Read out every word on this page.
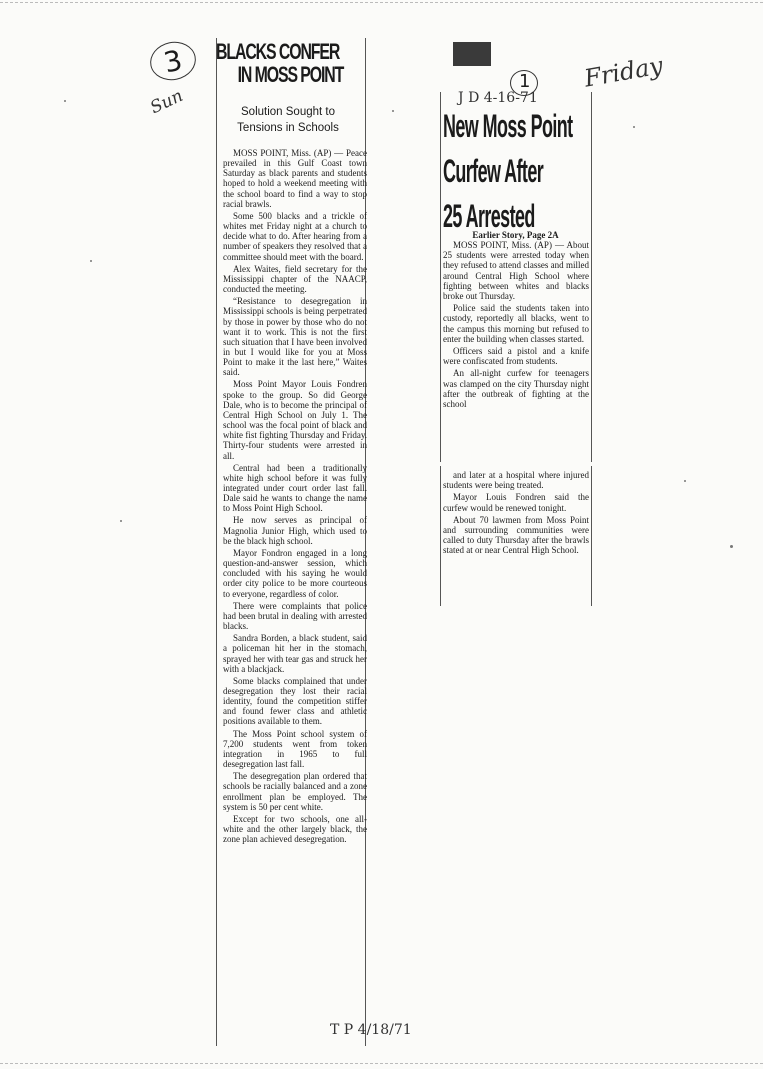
3
Sun
1 Friday
J D 4-16-71
BLACKS CONFER

IN MOSS POINT
Solution Sought to Tensions in Schools

MOSS POINT, Miss. (AP) — Peace prevailed in this Gulf Coast town Saturday as black parents and students hoped to hold a weekend meeting with the school board to find a way to stop racial brawls.

Some 500 blacks and a trickle of whites met Friday night at a church to decide what to do. After hearing from a number of speakers they resolved that a committee should meet with the board.

Alex Waites, field secretary for the Mississippi chapter of the NAACP, conducted the meeting.

“Resistance to desegregation in Mississippi schools is being perpetrated by those in power by those who do not want it to work. This is not the first such situation that I have been involved in but I would like for you at Moss Point to make it the last here,” Waites said.

Moss Point Mayor Louis Fondren spoke to the group. So did George Dale, who is to become the principal of Central High School on July 1. The school was the focal point of black and white fist fighting Thursday and Friday. Thirty-four students were arrested in all.

Central had been a traditionally white high school before it was fully integrated under court order last fall. Dale said he wants to change the name to Moss Point High School.

He now serves as principal of Magnolia Junior High, which used to be the black high school.

Mayor Fondron engaged in a long question-and-answer session, which concluded with his saying he would order city police to be more courteous to everyone, regardless of color.

There were complaints that police had been brutal in dealing with arrested blacks.

Sandra Borden, a black student, said a policeman hit her in the stomach, sprayed her with tear gas and struck her with a blackjack.

Some blacks complained that under desegregation they lost their racial identity, found the competition stiffer and found fewer class and athletic positions available to them.

The Moss Point school system of 7,200 students went from token integration in 1965 to full desegregation last fall.

The desegregation plan ordered that schools be racially balanced and a zone enrollment plan be employed. The system is 50 per cent white.

Except for two schools, one all-white and the other largely black, the zone plan achieved desegregation.

T P 4/18/71
New Moss Point
Curfew After
25 Arrested
Earlier Story, Page 2A

MOSS POINT, Miss. (AP) — About 25 students were arrested today when they refused to attend classes and milled around Central High School where fighting between whites and blacks broke out Thursday.

Police said the students taken into custody, reportedly all blacks, went to the campus this morning but refused to enter the building when classes started.

Officers said a pistol and a knife were confiscated from students.

An all-night curfew for teenagers was clamped on the city Thursday night after the outbreak of fighting at the school

and later at a hospital where injured students were being treated.

Mayor Louis Fondren said the curfew would be renewed tonight.

About 70 lawmen from Moss Point and surrounding communities were called to duty Thursday after the brawls stated at or near Central High School.
